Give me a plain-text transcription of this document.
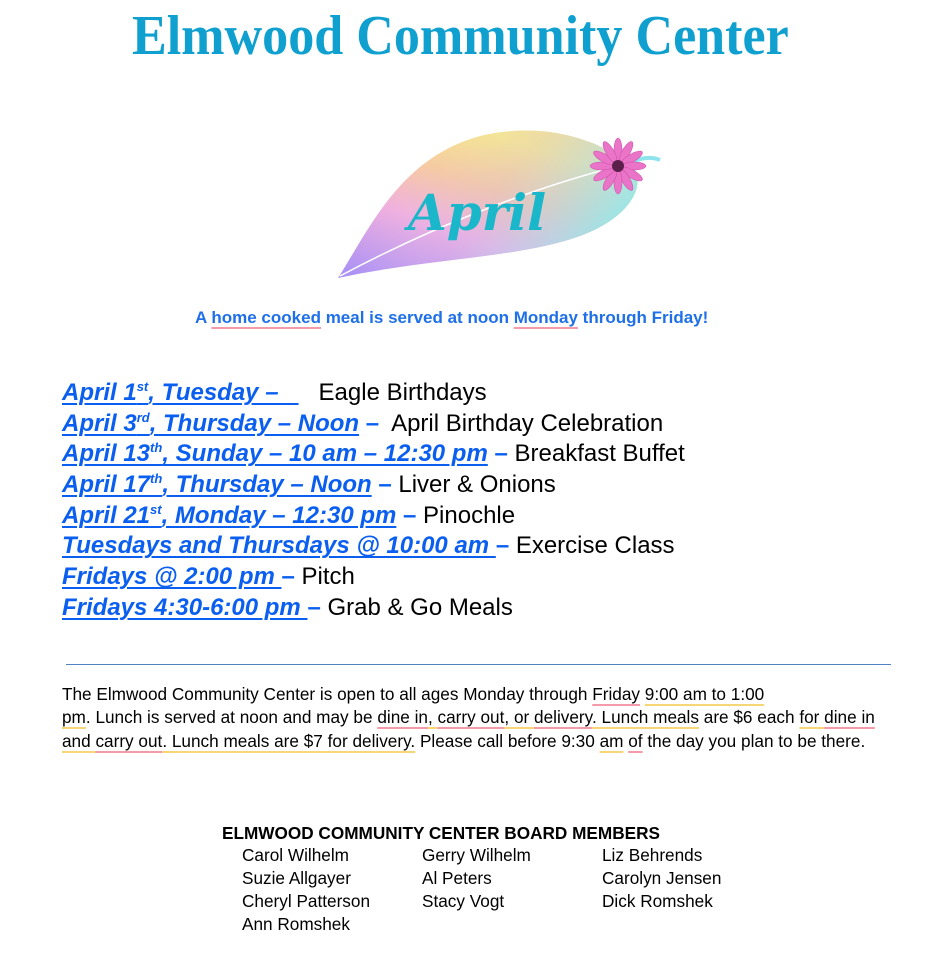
Elmwood Community Center
April
A home cooked meal is served at noon Monday through Friday!
April 1st, Tuesday –      Eagle Birthdays
April 3rd, Thursday – Noon –  April Birthday Celebration
April 13th, Sunday – 10 am – 12:30 pm – Breakfast Buffet
April 17th, Thursday – Noon – Liver & Onions
April 21st, Monday – 12:30 pm – Pinochle
Tuesdays and Thursdays @ 10:00 am – Exercise Class
Fridays @ 2:00 pm – Pitch
Fridays 4:30-6:00 pm – Grab & Go Meals
The Elmwood Community Center is open to all ages Monday through Friday 9:00 am to 1:00
pm. Lunch is served at noon and may be dine in, carry out, or delivery. Lunch meals are $6 each for dine in and carry out. Lunch meals are $7 for delivery. Please call before 9:30 am of the day you plan to be there.
ELMWOOD COMMUNITY CENTER BOARD MEMBERS
Carol Wilhelm	Gerry Wilhelm	Liz Behrends
Suzie Allgayer	Al Peters	Carolyn Jensen
Cheryl Patterson	Stacy Vogt	Dick Romshek
Ann Romshek
